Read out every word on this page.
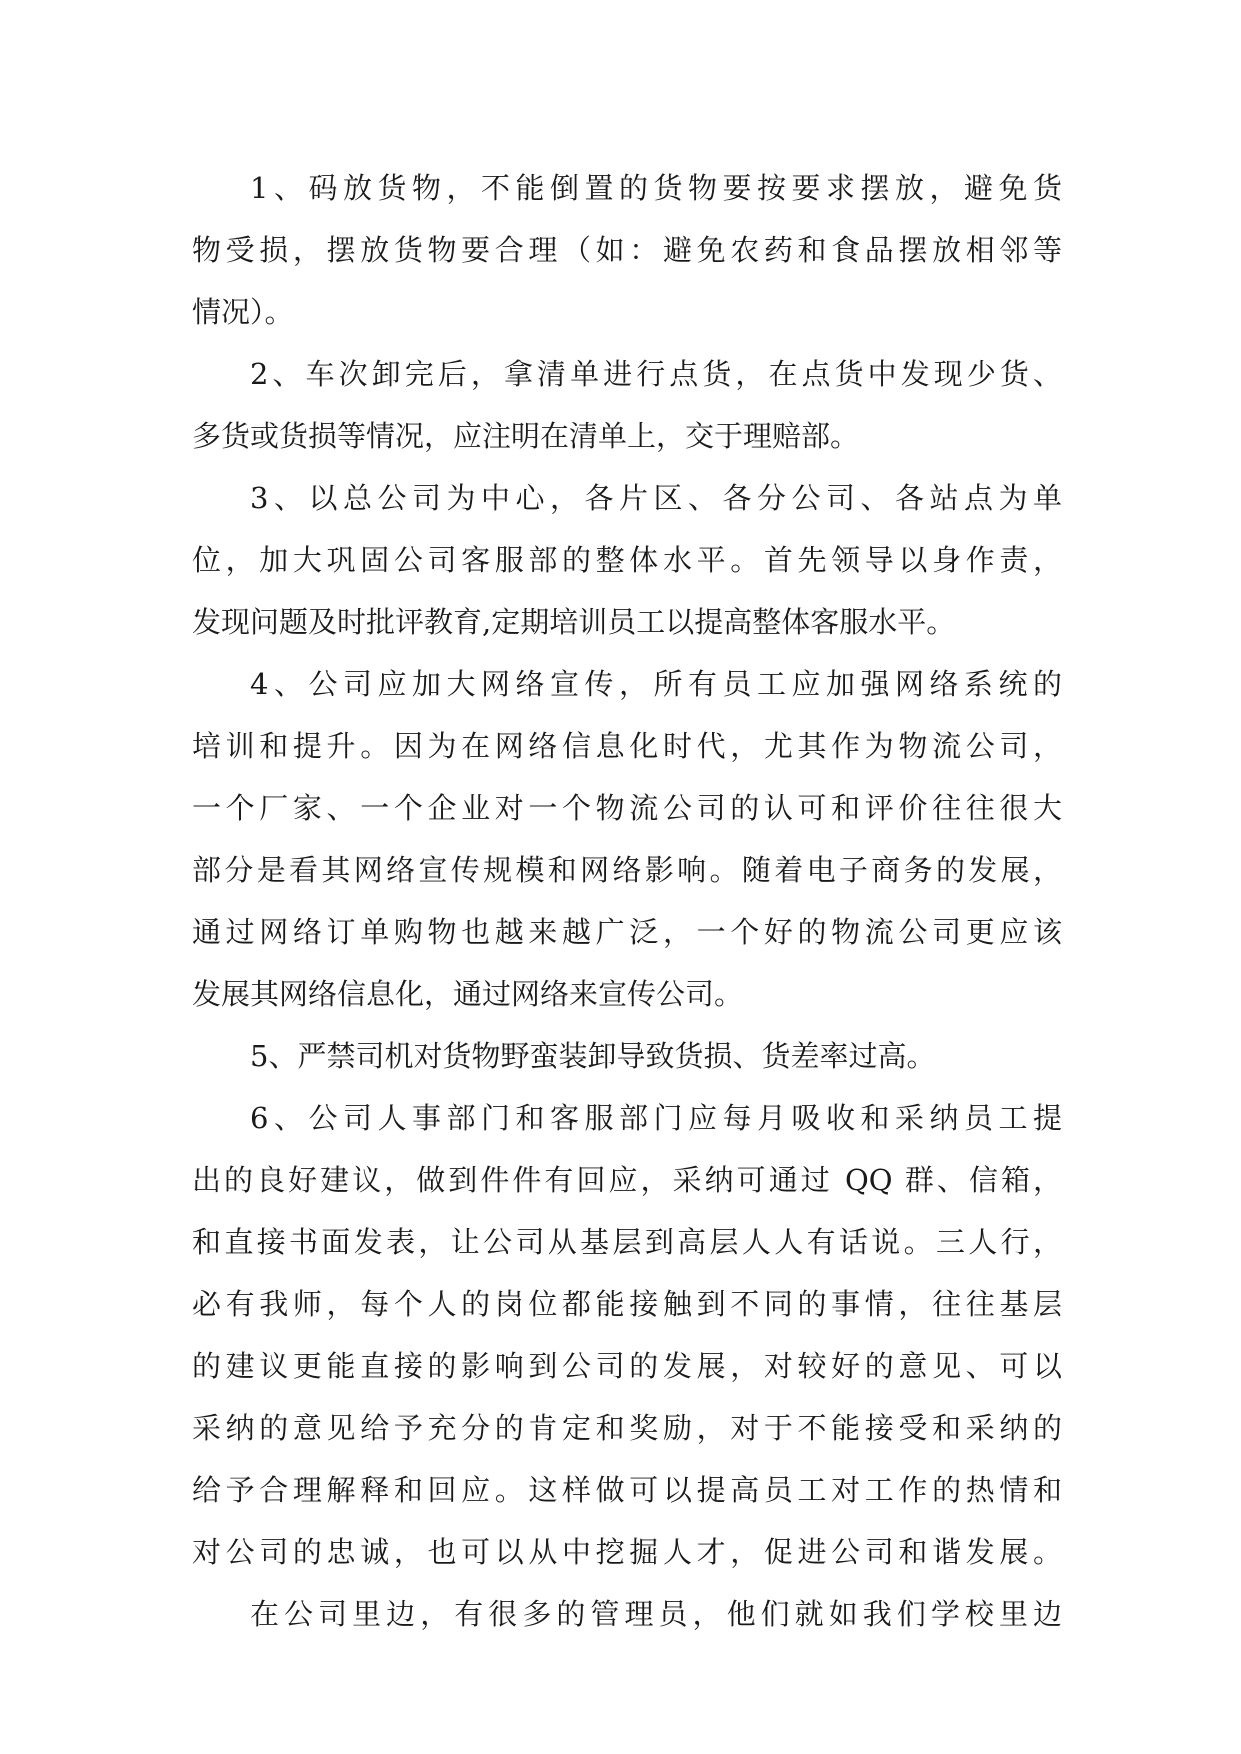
1、码放货物，不能倒置的货物要按要求摆放，避免货
物受损，摆放货物要合理（如：避免农药和食品摆放相邻等
情况）。
2、车次卸完后，拿清单进行点货，在点货中发现少货、
多货或货损等情况，应注明在清单上，交于理赔部。
3、以总公司为中心，各片区、各分公司、各站点为单
位，加大巩固公司客服部的整体水平。首先领导以身作责，
发现问题及时批评教育,定期培训员工以提高整体客服水平。
4、公司应加大网络宣传，所有员工应加强网络系统的
培训和提升。因为在网络信息化时代，尤其作为物流公司，
一个厂家、一个企业对一个物流公司的认可和评价往往很大
部分是看其网络宣传规模和网络影响。随着电子商务的发展，
通过网络订单购物也越来越广泛，一个好的物流公司更应该
发展其网络信息化，通过网络来宣传公司。
5、严禁司机对货物野蛮装卸导致货损、货差率过高。
6、公司人事部门和客服部门应每月吸收和采纳员工提
出的良好建议，做到件件有回应，采纳可通过 QQ 群、信箱，
和直接书面发表，让公司从基层到高层人人有话说。三人行，
必有我师，每个人的岗位都能接触到不同的事情，往往基层
的建议更能直接的影响到公司的发展，对较好的意见、可以
采纳的意见给予充分的肯定和奖励，对于不能接受和采纳的
给予合理解释和回应。这样做可以提高员工对工作的热情和
对公司的忠诚，也可以从中挖掘人才，促进公司和谐发展。
在公司里边，有很多的管理员，他们就如我们学校里边
